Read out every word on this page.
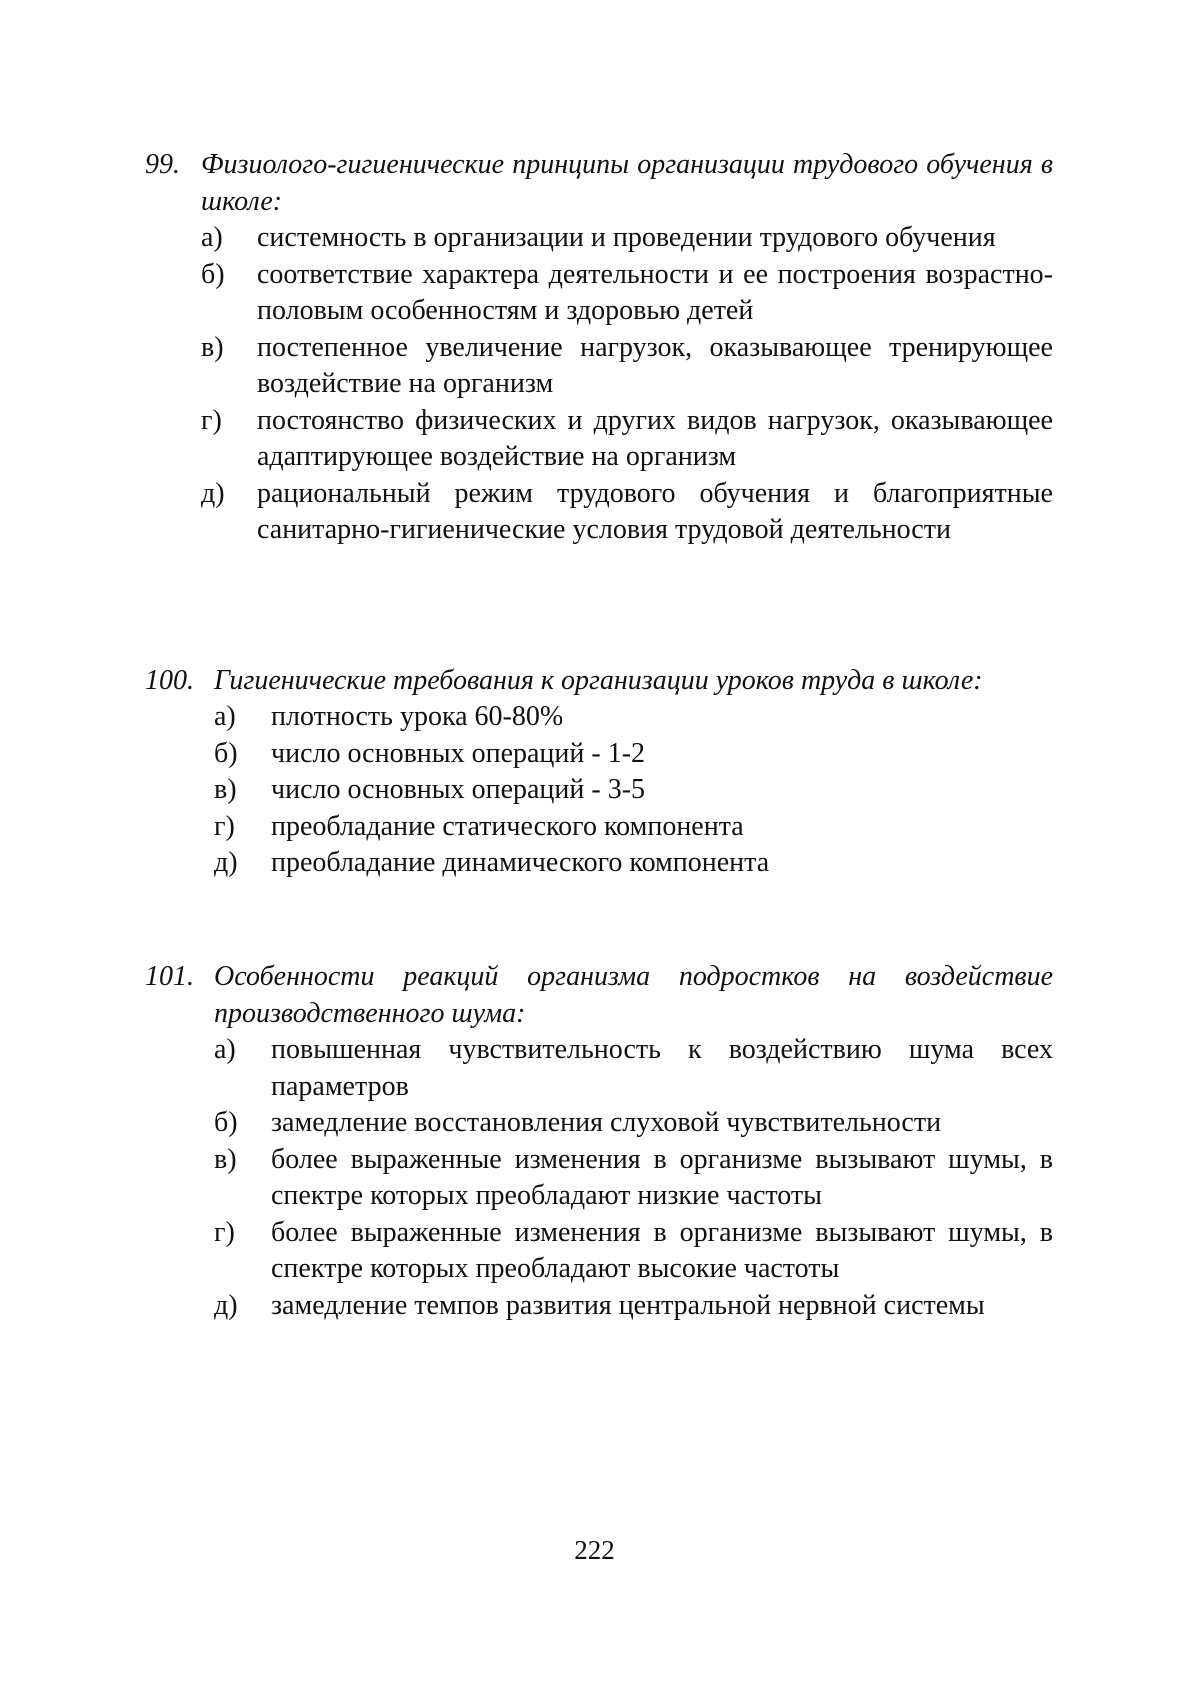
99. Физиолого-гигиенические принципы организации трудового обучения в школе:
а) системность в организации и проведении трудового обучения
б) соответствие характера деятельности и ее построения возрастно-половым особенностям и здоровью детей
в) постепенное увеличение нагрузок, оказывающее тренирующее воздействие на организм
г) постоянство физических и других видов нагрузок, оказывающее адаптирующее воздействие на организм
д) рациональный режим трудового обучения и благоприятные санитарно-гигиенические условия трудовой деятельности
100. Гигиенические требования к организации уроков труда в школе:
а) плотность урока 60-80%
б) число основных операций - 1-2
в) число основных операций - 3-5
г) преобладание статического компонента
д) преобладание динамического компонента
101. Особенности реакций организма подростков на воздействие производственного шума:
а) повышенная чувствительность к воздействию шума всех параметров
б) замедление восстановления слуховой чувствительности
в) более выраженные изменения в организме вызывают шумы, в спектре которых преобладают низкие частоты
г) более выраженные изменения в организме вызывают шумы, в спектре которых преобладают высокие частоты
д) замедление темпов развития центральной нервной системы
222
